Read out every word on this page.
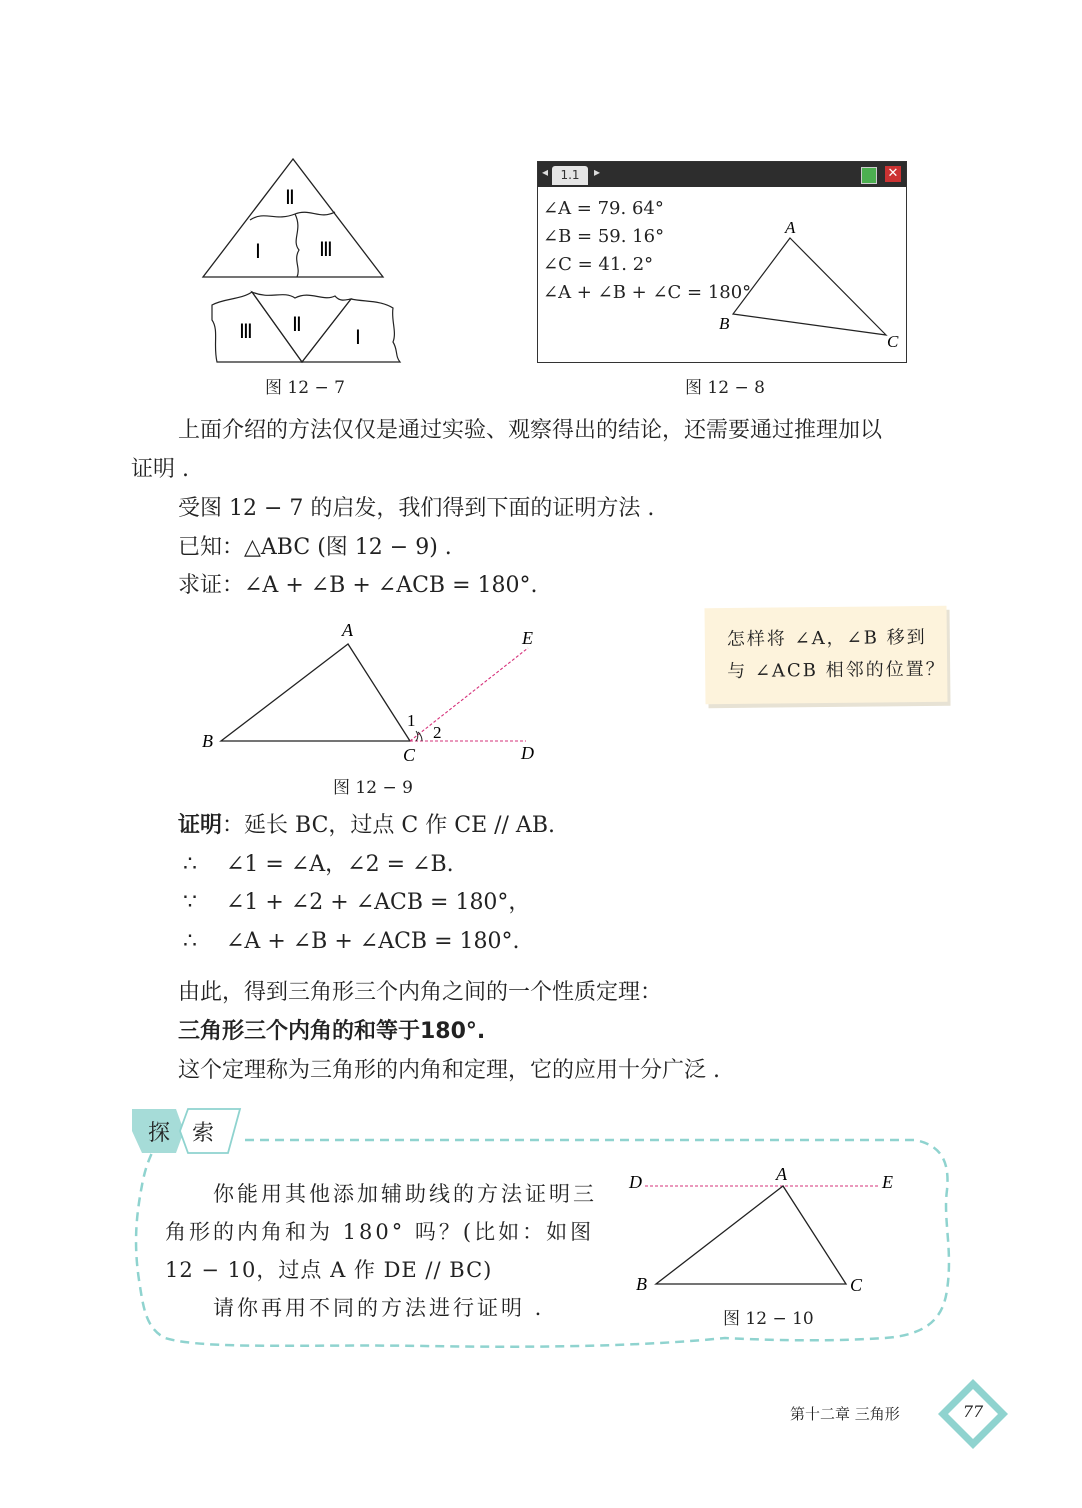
Ⅱ
Ⅰ	Ⅲ
Ⅲ Ⅱ
Ⅰ
图 12 − 7
◂	1.1	▸	✕
∠A = 79. 64°
∠B = 59. 16°
∠C = 41. 2°
∠A + ∠B + ∠C = 180°
A
B
C
图 12 − 8
上面介绍的方法仅仅是通过实验、观察得出的结论，还需要通过推理加以
证明 .
受图 12 − 7 的启发，我们得到下面的证明方法 .
已知：△ABC (图 12 − 9) .
求证：∠A + ∠B + ∠ACB = 180°.
怎样将 ∠A，∠B 移到
与 ∠ACB 相邻的位置？
A
B
C	D
E
1
2
图 12 − 9
证明：延长 BC，过点 C 作 CE // AB.
∴ ∠1 = ∠A，∠2 = ∠B.
∵ ∠1 + ∠2 + ∠ACB = 180°，
∴ ∠A + ∠B + ∠ACB = 180°.
由此，得到三角形三个内角之间的一个性质定理：
三角形三个内角的和等于180°.
这个定理称为三角形的内角和定理，它的应用十分广泛 .
探 索
你能用其他添加辅助线的方法证明三
角形的内角和为 180° 吗？(比如：如图
12 − 10，过点 A 作 DE // BC)
请你再用不同的方法进行证明 .
A
B	C
D	E
图 12 − 10
第十二章 三角形	77
